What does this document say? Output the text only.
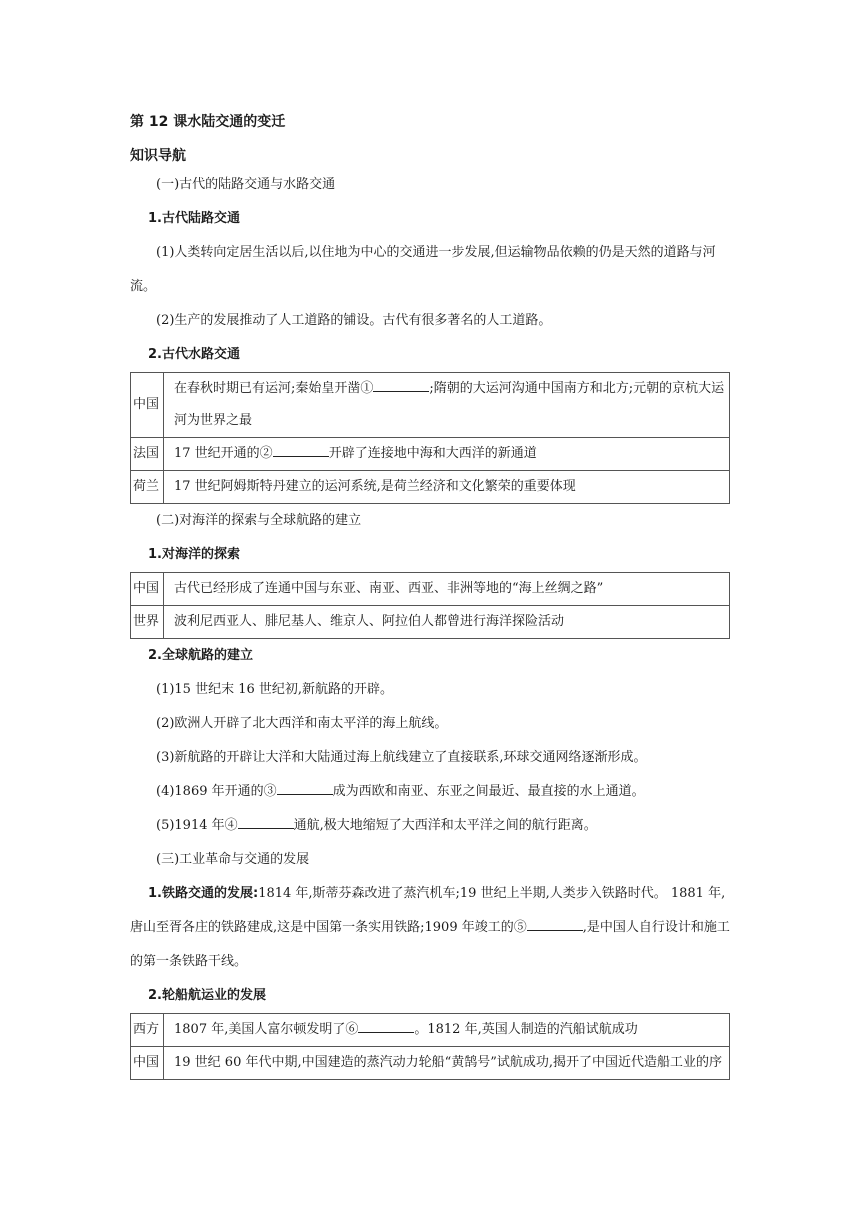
第 12 课水陆交通的变迁
知识导航
(一)古代的陆路交通与水路交通
1.古代陆路交通
(1)人类转向定居生活以后,以住地为中心的交通进一步发展,但运输物品依赖的仍是天然的道路与河
流。
(2)生产的发展推动了人工道路的铺设。古代有很多著名的人工道路。
2.古代水路交通
中国	在春秋时期已有运河;秦始皇开凿① ;隋朝的大运河沟通中国南方和北方;元朝的京杭大运
河为世界之最
法国	17 世纪开通的② 开辟了连接地中海和大西洋的新通道
荷兰	17 世纪阿姆斯特丹建立的运河系统,是荷兰经济和文化繁荣的重要体现
(二)对海洋的探索与全球航路的建立
1.对海洋的探索
中国	古代已经形成了连通中国与东亚、南亚、西亚、非洲等地的“海上丝绸之路”
世界	波利尼西亚人、腓尼基人、维京人、阿拉伯人都曾进行海洋探险活动
2.全球航路的建立
(1)15 世纪末 16 世纪初,新航路的开辟。
(2)欧洲人开辟了北大西洋和南太平洋的海上航线。
(3)新航路的开辟让大洋和大陆通过海上航线建立了直接联系,环球交通网络逐渐形成。
(4)1869 年开通的③	成为西欧和南亚、东亚之间最近、最直接的水上通道。
(5)1914 年④	通航,极大地缩短了大西洋和太平洋之间的航行距离。
(三)工业革命与交通的发展
1.铁路交通的发展:1814 年,斯蒂芬森改进了蒸汽机车;19 世纪上半期,人类步入铁路时代。 1881 年,
唐山至胥各庄的铁路建成,这是中国第一条实用铁路;1909 年竣工的⑤	,是中国人自行设计和施工
的第一条铁路干线。
2.轮船航运业的发展
西方	1807 年,美国人富尔顿发明了⑥ 。1812 年,英国人制造的汽船试航成功
中国	19 世纪 60 年代中期,中国建造的蒸汽动力轮船“黄鹄号”试航成功,揭开了中国近代造船工业的序
